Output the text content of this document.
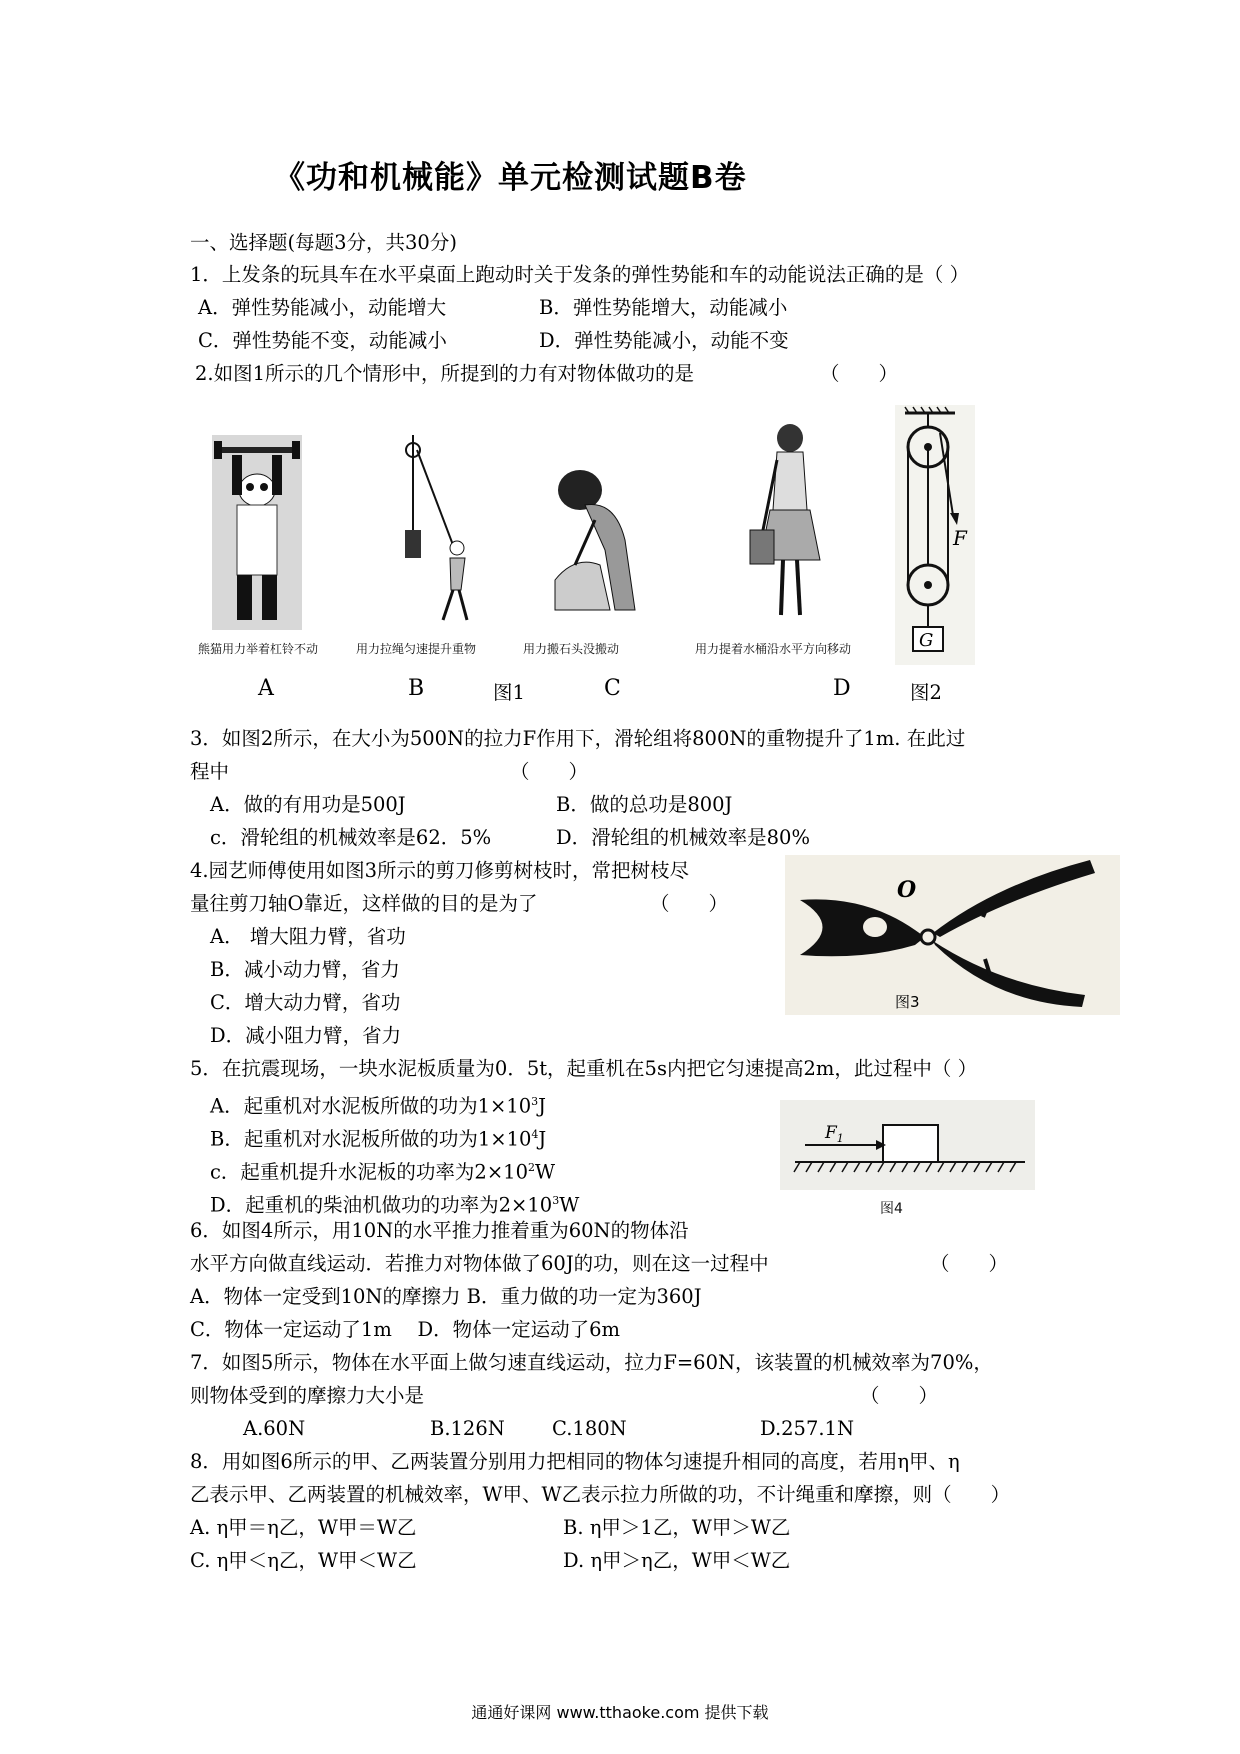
《功和机械能》单元检测试题B卷
一、选择题(每题3分，共30分)
1．上发条的玩具车在水平桌面上跑动时关于发条的弹性势能和车的动能说法正确的是（ ）
A．弹性势能减小，动能增大	B．弹性势能增大，动能减小
C．弹性势能不变，动能减小	D．弹性势能减小，动能不变
2.如图1所示的几个情形中，所提到的力有对物体做功的是	（　　）
熊猫用力举着杠铃不动	用力拉绳匀速提升重物	用力搬石头没搬动	用力提着水桶沿水平方向移动
A	B	图1	C	D
F
G
图2
3．如图2所示，在大小为500N的拉力F作用下，滑轮组将800N的重物提升了1m. 在此过
程中	（　　）
A．做的有用功是500J	B．做的总功是800J
c．滑轮组的机械效率是62．5%	D．滑轮组的机械效率是80%
4.园艺师傅使用如图3所示的剪刀修剪树枝时，常把树枝尽
量往剪刀轴O靠近，这样做的目的是为了	（　　）
A． 增大阻力臂，省功
B．减小动力臂，省力
C．增大动力臂，省功
D．减小阻力臂，省力
O
图3
5．在抗震现场，一块水泥板质量为0．5t，起重机在5s内把它匀速提高2m，此过程中（ ）
A．起重机对水泥板所做的功为$1\times 10^3J$
B．起重机对水泥板所做的功为$1\times 10^4J$
c．起重机提升水泥板的功率为$2\times 10^2W$
D．起重机的柴油机做功的功率为$2\times 10^3W$
$F_1$
图4
6．如图4所示，用10N的水平推力推着重为60N的物体沿
水平方向做直线运动．若推力对物体做了60J的功，则在这一过程中	（　　）
A．物体一定受到10N的摩擦力 B．重力做的功一定为360J
C．物体一定运动了1m　 D．物体一定运动了6m
7．如图5所示，物体在水平面上做匀速直线运动，拉力F=60N，该装置的机械效率为70%，
则物体受到的摩擦力大小是	（　　）
A.60N	B.126N C.180N	D.257.1N
8．用如图6所示的甲、乙两装置分别用力把相同的物体匀速提升相同的高度，若用η甲、η
乙表示甲、乙两装置的机械效率，W甲、W乙表示拉力所做的功，不计绳重和摩擦，则（　　）
A. η甲＝η乙，W甲＝W乙	B. η甲＞1乙，W甲＞W乙
C. η甲＜η乙，W甲＜W乙	D. η甲＞η乙，W甲＜W乙
通通好课网 www.tthaoke.com 提供下载
